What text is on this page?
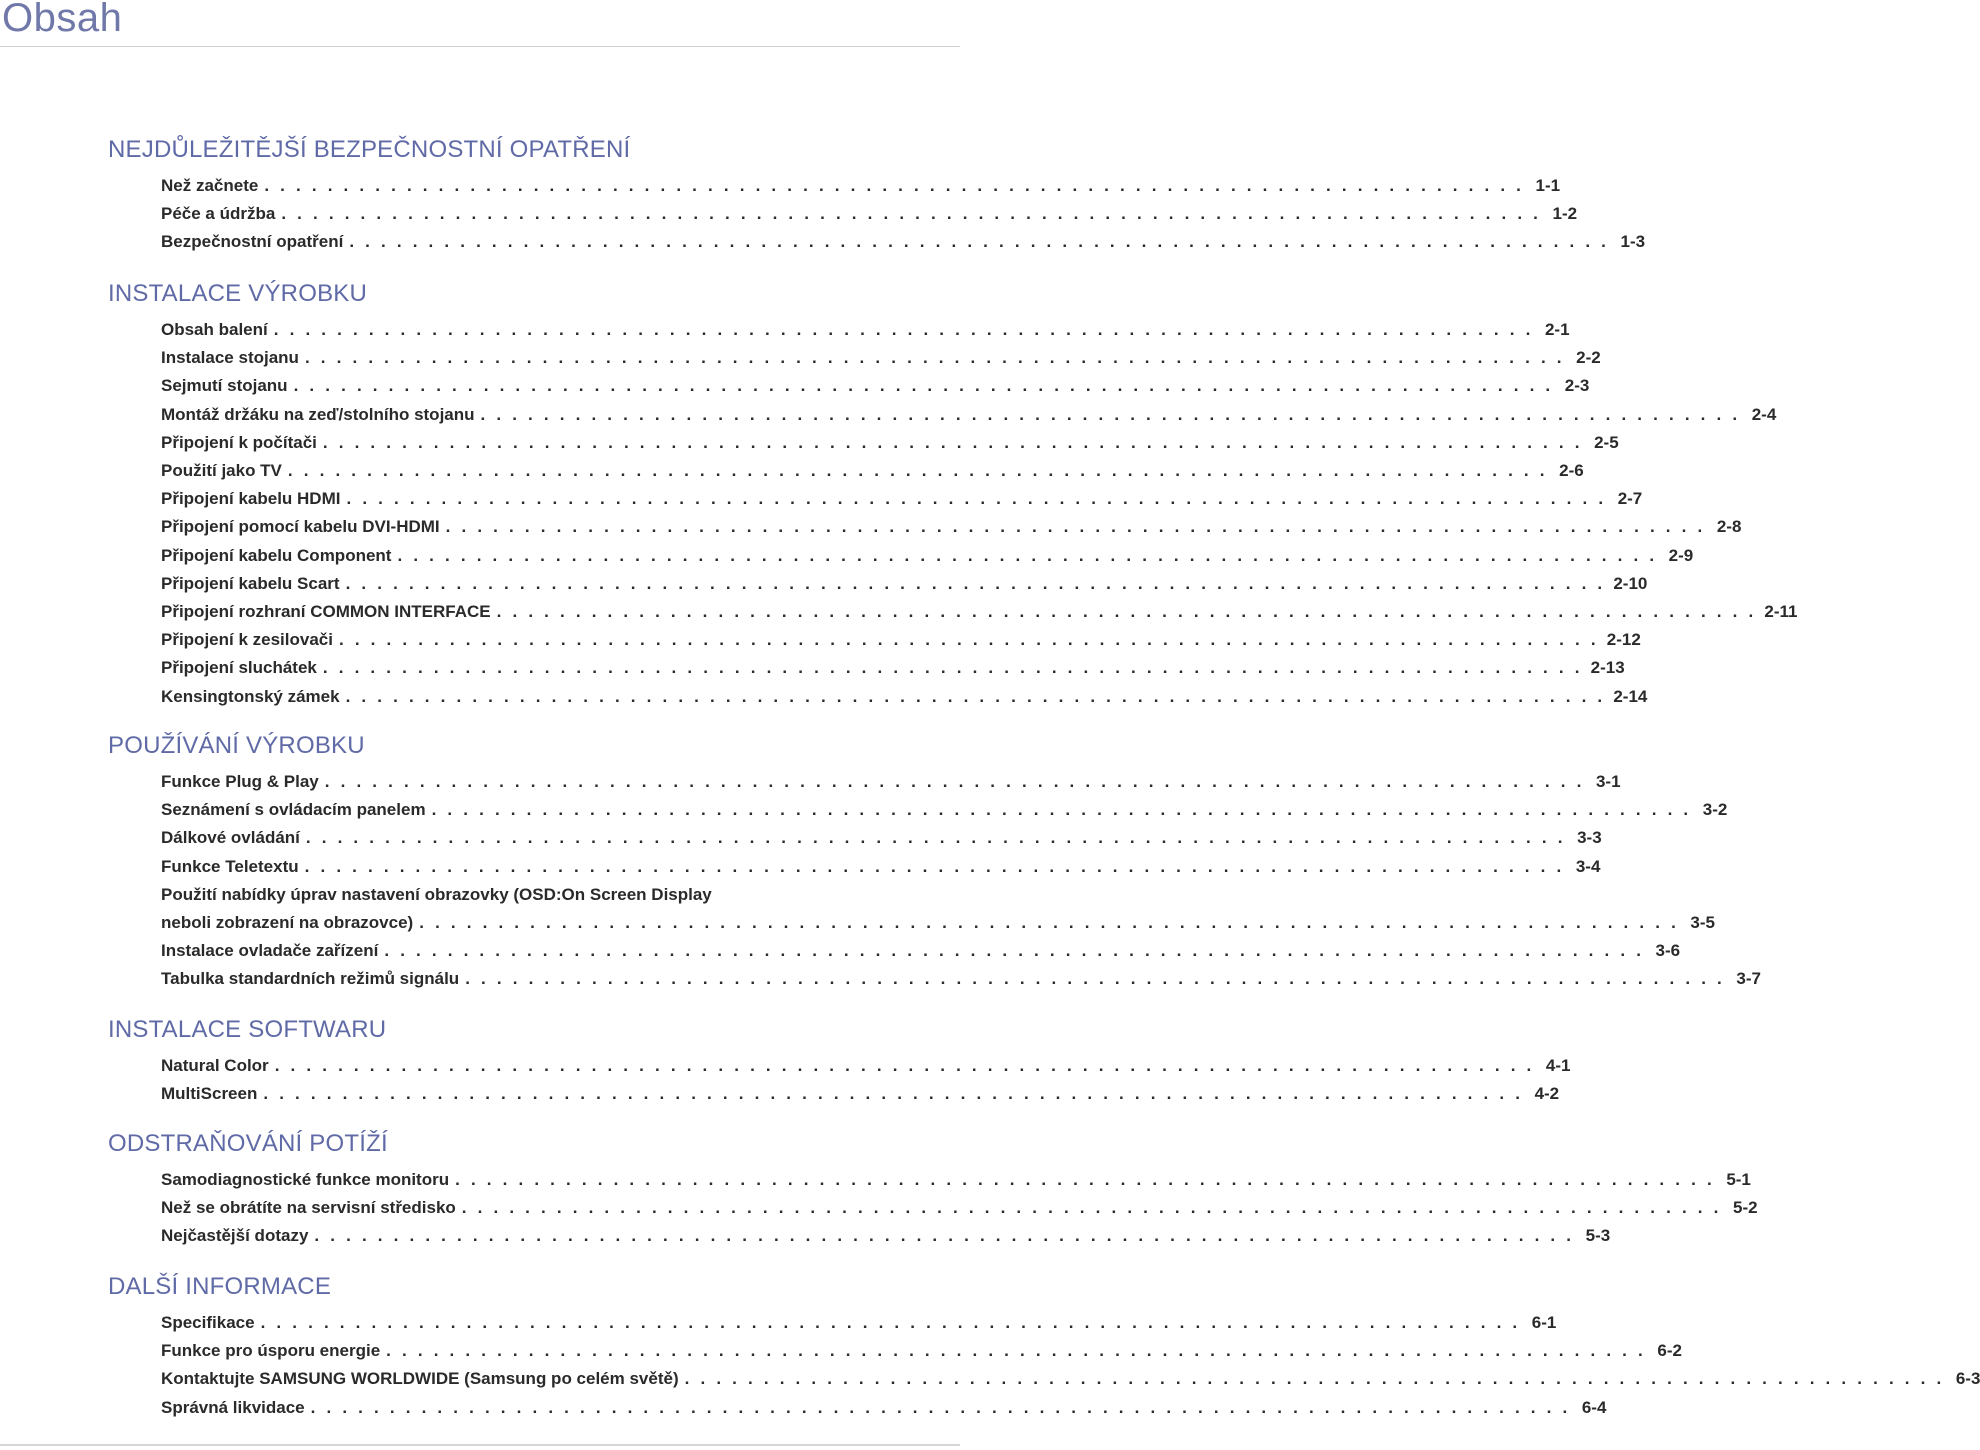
Obsah
NEJDŮLEŽITĚJŠÍ BEZPEČNOSTNÍ OPATŘENÍ
Než začnete . . . . . . . . . . . . . . . . . . . . . . . . . . . . . . . . . . . . . . . . . . . . . . . . . . . . . . . . . . . . . . . . . . . . . . . . . . . . . . . . 1-1
Péče a údržba . . . . . . . . . . . . . . . . . . . . . . . . . . . . . . . . . . . . . . . . . . . . . . . . . . . . . . . . . . . . . . . . . . . . . . . . . . . . . . . . 1-2
Bezpečnostní opatření . . . . . . . . . . . . . . . . . . . . . . . . . . . . . . . . . . . . . . . . . . . . . . . . . . . . . . . . . . . . . . . . . . . . . . . . . . . . . . . . 1-3
INSTALACE VÝROBKU
Obsah balení . . . . . . . . . . . . . . . . . . . . . . . . . . . . . . . . . . . . . . . . . . . . . . . . . . . . . . . . . . . . . . . . . . . . . . . . . . . . . . . . 2-1
Instalace stojanu . . . . . . . . . . . . . . . . . . . . . . . . . . . . . . . . . . . . . . . . . . . . . . . . . . . . . . . . . . . . . . . . . . . . . . . . . . . . . . . . 2-2
Sejmutí stojanu . . . . . . . . . . . . . . . . . . . . . . . . . . . . . . . . . . . . . . . . . . . . . . . . . . . . . . . . . . . . . . . . . . . . . . . . . . . . . . . . 2-3
Montáž držáku na zeď/stolního stojanu . . . . . . . . . . . . . . . . . . . . . . . . . . . . . . . . . . . . . . . . . . . . . . . . . . . . . . . . . . . . . . . . . . . . . . . . . . . . . . . . 2-4
Připojení k počítači . . . . . . . . . . . . . . . . . . . . . . . . . . . . . . . . . . . . . . . . . . . . . . . . . . . . . . . . . . . . . . . . . . . . . . . . . . . . . . . . 2-5
Použití jako TV . . . . . . . . . . . . . . . . . . . . . . . . . . . . . . . . . . . . . . . . . . . . . . . . . . . . . . . . . . . . . . . . . . . . . . . . . . . . . . . . 2-6
Připojení kabelu HDMI . . . . . . . . . . . . . . . . . . . . . . . . . . . . . . . . . . . . . . . . . . . . . . . . . . . . . . . . . . . . . . . . . . . . . . . . . . . . . . . . 2-7
Připojení pomocí kabelu DVI-HDMI . . . . . . . . . . . . . . . . . . . . . . . . . . . . . . . . . . . . . . . . . . . . . . . . . . . . . . . . . . . . . . . . . . . . . . . . . . . . . . . . 2-8
Připojení kabelu Component . . . . . . . . . . . . . . . . . . . . . . . . . . . . . . . . . . . . . . . . . . . . . . . . . . . . . . . . . . . . . . . . . . . . . . . . . . . . . . . . 2-9
Připojení kabelu Scart . . . . . . . . . . . . . . . . . . . . . . . . . . . . . . . . . . . . . . . . . . . . . . . . . . . . . . . . . . . . . . . . . . . . . . . . . . . . . . . . 2-10
Připojení rozhraní COMMON INTERFACE . . . . . . . . . . . . . . . . . . . . . . . . . . . . . . . . . . . . . . . . . . . . . . . . . . . . . . . . . . . . . . . . . . . . . . . . . . . . . . . . 2-11
Připojení k zesilovači . . . . . . . . . . . . . . . . . . . . . . . . . . . . . . . . . . . . . . . . . . . . . . . . . . . . . . . . . . . . . . . . . . . . . . . . . . . . . . . . 2-12
Připojení sluchátek . . . . . . . . . . . . . . . . . . . . . . . . . . . . . . . . . . . . . . . . . . . . . . . . . . . . . . . . . . . . . . . . . . . . . . . . . . . . . . . . 2-13
Kensingtonský zámek . . . . . . . . . . . . . . . . . . . . . . . . . . . . . . . . . . . . . . . . . . . . . . . . . . . . . . . . . . . . . . . . . . . . . . . . . . . . . . . . 2-14
POUŽÍVÁNÍ VÝROBKU
Funkce Plug & Play . . . . . . . . . . . . . . . . . . . . . . . . . . . . . . . . . . . . . . . . . . . . . . . . . . . . . . . . . . . . . . . . . . . . . . . . . . . . . . . . 3-1
Seznámení s ovládacím panelem . . . . . . . . . . . . . . . . . . . . . . . . . . . . . . . . . . . . . . . . . . . . . . . . . . . . . . . . . . . . . . . . . . . . . . . . . . . . . . . . 3-2
Dálkové ovládání . . . . . . . . . . . . . . . . . . . . . . . . . . . . . . . . . . . . . . . . . . . . . . . . . . . . . . . . . . . . . . . . . . . . . . . . . . . . . . . . 3-3
Funkce Teletextu . . . . . . . . . . . . . . . . . . . . . . . . . . . . . . . . . . . . . . . . . . . . . . . . . . . . . . . . . . . . . . . . . . . . . . . . . . . . . . . . 3-4
Použití nabídky úprav nastavení obrazovky (OSD:On Screen Display
neboli zobrazení na obrazovce) . . . . . . . . . . . . . . . . . . . . . . . . . . . . . . . . . . . . . . . . . . . . . . . . . . . . . . . . . . . . . . . . . . . . . . . . . . . . . . . . 3-5
Instalace ovladače zařízení . . . . . . . . . . . . . . . . . . . . . . . . . . . . . . . . . . . . . . . . . . . . . . . . . . . . . . . . . . . . . . . . . . . . . . . . . . . . . . . . 3-6
Tabulka standardních režimů signálu . . . . . . . . . . . . . . . . . . . . . . . . . . . . . . . . . . . . . . . . . . . . . . . . . . . . . . . . . . . . . . . . . . . . . . . . . . . . . . . . 3-7
INSTALACE SOFTWARU
Natural Color . . . . . . . . . . . . . . . . . . . . . . . . . . . . . . . . . . . . . . . . . . . . . . . . . . . . . . . . . . . . . . . . . . . . . . . . . . . . . . . . 4-1
MultiScreen . . . . . . . . . . . . . . . . . . . . . . . . . . . . . . . . . . . . . . . . . . . . . . . . . . . . . . . . . . . . . . . . . . . . . . . . . . . . . . . . 4-2
ODSTRAŇOVÁNÍ POTÍŽÍ
Samodiagnostické funkce monitoru . . . . . . . . . . . . . . . . . . . . . . . . . . . . . . . . . . . . . . . . . . . . . . . . . . . . . . . . . . . . . . . . . . . . . . . . . . . . . . . . 5-1
Než se obrátíte na servisní středisko . . . . . . . . . . . . . . . . . . . . . . . . . . . . . . . . . . . . . . . . . . . . . . . . . . . . . . . . . . . . . . . . . . . . . . . . . . . . . . . . 5-2
Nejčastější dotazy . . . . . . . . . . . . . . . . . . . . . . . . . . . . . . . . . . . . . . . . . . . . . . . . . . . . . . . . . . . . . . . . . . . . . . . . . . . . . . . . 5-3
DALŠÍ INFORMACE
Specifikace . . . . . . . . . . . . . . . . . . . . . . . . . . . . . . . . . . . . . . . . . . . . . . . . . . . . . . . . . . . . . . . . . . . . . . . . . . . . . . . . 6-1
Funkce pro úsporu energie . . . . . . . . . . . . . . . . . . . . . . . . . . . . . . . . . . . . . . . . . . . . . . . . . . . . . . . . . . . . . . . . . . . . . . . . . . . . . . . . 6-2
Kontaktujte SAMSUNG WORLDWIDE (Samsung po celém světě) . . . . . . . . . . . . . . . . . . . . . . . . . . . . . . . . . . . . . . . . . . . . . . . . . . . . . . . . . . . . . . . . . . . . . . . . . . . . . . . . 6-3
Správná likvidace . . . . . . . . . . . . . . . . . . . . . . . . . . . . . . . . . . . . . . . . . . . . . . . . . . . . . . . . . . . . . . . . . . . . . . . . . . . . . . . . 6-4
